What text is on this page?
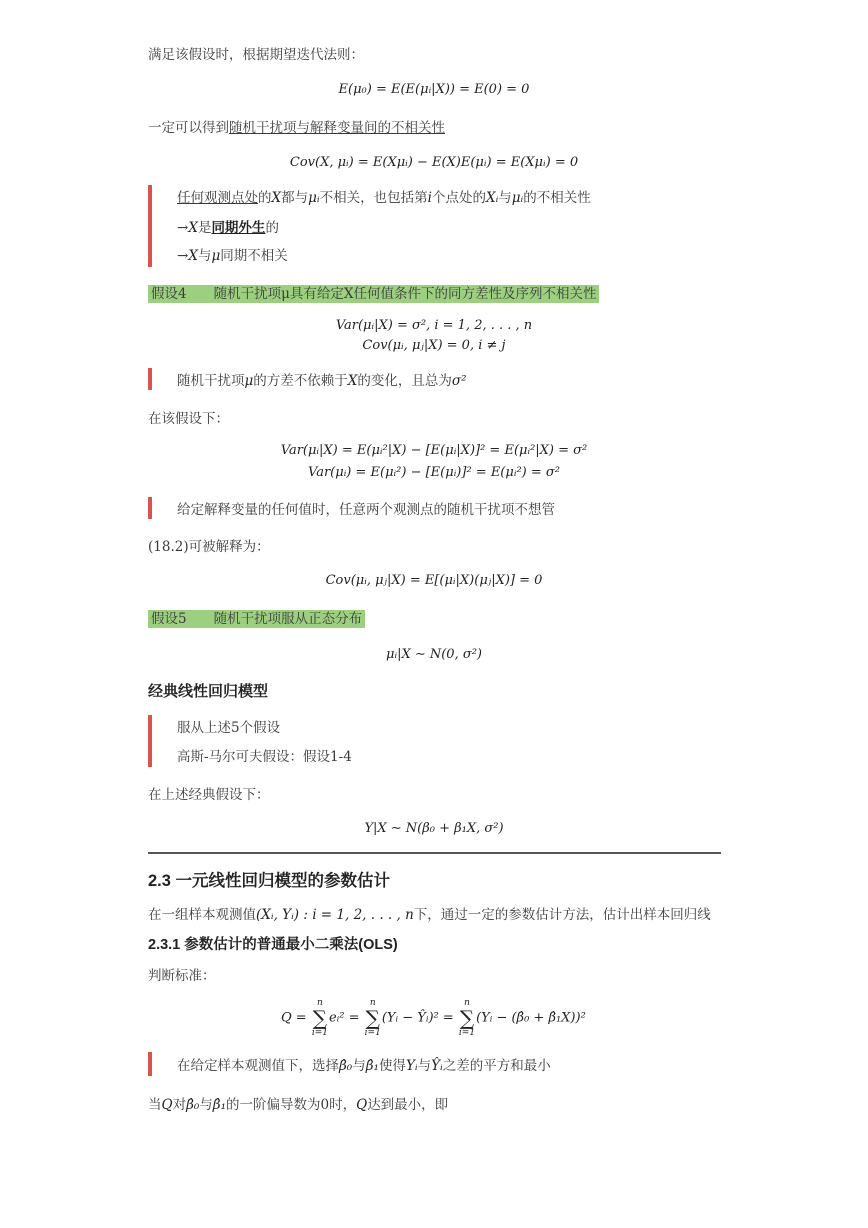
满足该假设时，根据期望迭代法则：
E(μ₀) = E(E(μᵢ|X)) = E(0) = 0
一定可以得到随机干扰项与解释变量间的不相关性
Cov(X, μᵢ) = E(Xμᵢ) − E(X)E(μᵢ) = E(Xμᵢ) = 0
任何观测点处的X都与μᵢ不相关，也包括第i个点处的Xᵢ与μᵢ的不相关性
→X是同期外生的
→X与μ同期不相关
假设4　　随机干扰项μ具有给定X任何值条件下的同方差性及序列不相关性
Var(μᵢ|X) = σ², i = 1, 2, . . . , n
Cov(μᵢ, μⱼ|X) = 0, i ≠ j
随机干扰项μ的方差不依赖于X的变化，且总为σ²
在该假设下：
Var(μᵢ|X) = E(μᵢ²|X) − [E(μᵢ|X)]² = E(μᵢ²|X) = σ²
Var(μᵢ) = E(μᵢ²) − [E(μᵢ)]² = E(μᵢ²) = σ²
给定解释变量的任何值时，任意两个观测点的随机干扰项不想管
(18.2)可被解释为：
Cov(μᵢ, μⱼ|X) = E[(μᵢ|X)(μⱼ|X)] = 0
假设5　　随机干扰项服从正态分布
μᵢ|X ∼ N(0, σ²)
经典线性回归模型
服从上述5个假设
高斯-马尔可夫假设：假设1-4
在上述经典假设下：
Y|X ∼ N(β₀ + β₁X, σ²)
2.3 一元线性回归模型的参数估计
在一组样本观测值(Xᵢ, Yᵢ) : i = 1, 2, . . . , n下，通过一定的参数估计方法，估计出样本回归线
2.3.1 参数估计的普通最小二乘法(OLS)
判断标准：
Q =
n
∑
i=1
eᵢ² =
n
∑
i=1
(Yᵢ − Ŷᵢ)² =
n
∑
i=1
(Yᵢ − (β̂₀ + β̂₁X))²
在给定样本观测值下，选择β̂₀与β̂₁使得Yᵢ与Ŷᵢ之差的平方和最小
当Q对β̂₀与β̂₁的一阶偏导数为0时，Q达到最小，即
